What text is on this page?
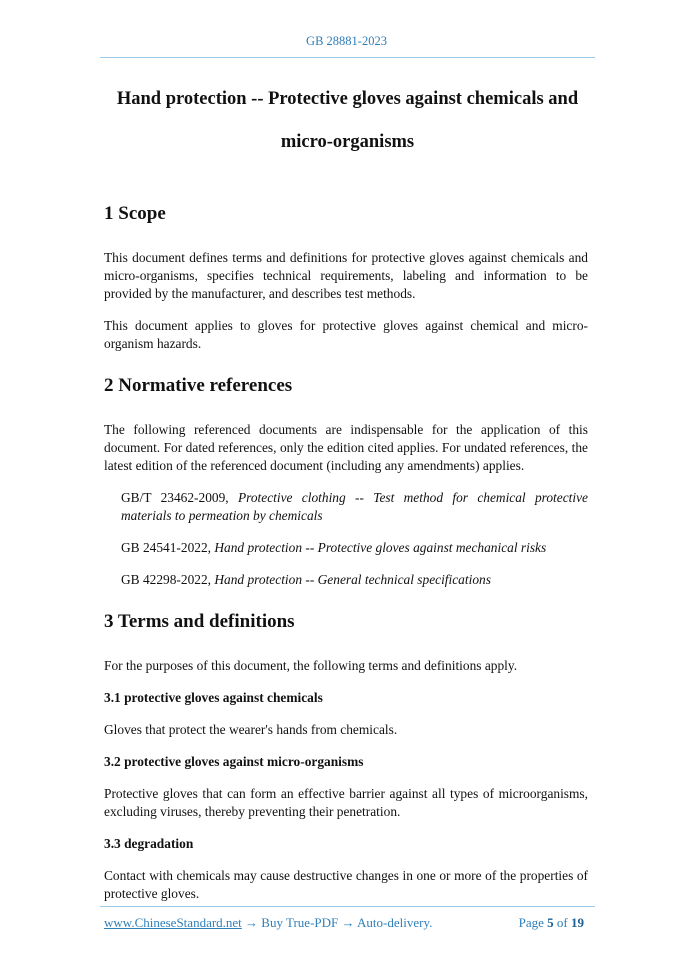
GB 28881-2023
Hand protection -- Protective gloves against chemicals and
micro-organisms
1 Scope

This document defines terms and definitions for protective gloves against chemicals and micro-organisms, specifies technical requirements, labeling and information to be provided by the manufacturer, and describes test methods.

This document applies to gloves for protective gloves against chemical and micro-organism hazards.

2 Normative references

The following referenced documents are indispensable for the application of this document. For dated references, only the edition cited applies. For undated references, the latest edition of the referenced document (including any amendments) applies.

GB/T 23462-2009, Protective clothing -- Test method for chemical protective materials to permeation by chemicals

GB 24541-2022, Hand protection -- Protective gloves against mechanical risks

GB 42298-2022, Hand protection -- General technical specifications

3 Terms and definitions

For the purposes of this document, the following terms and definitions apply.

3.1 protective gloves against chemicals

Gloves that protect the wearer's hands from chemicals.

3.2 protective gloves against micro-organisms

Protective gloves that can form an effective barrier against all types of microorganisms, excluding viruses, thereby preventing their penetration.

3.3 degradation

Contact with chemicals may cause destructive changes in one or more of the properties of protective gloves.

www.ChineseStandard.net → Buy True-PDF → Auto-delivery.	Page 5 of 19
